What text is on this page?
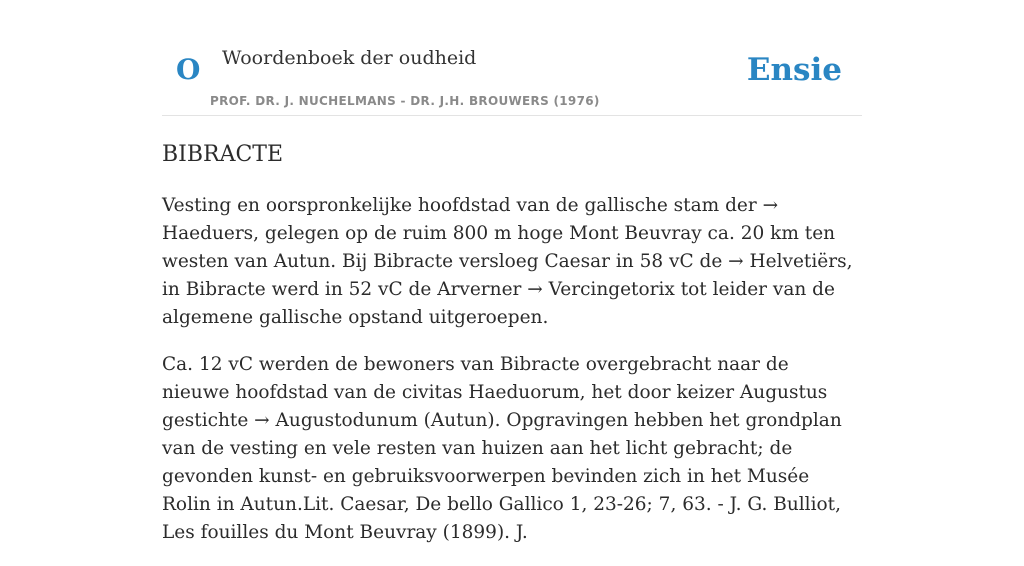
O Woordenboek der oudheid
PROF. DR. J. NUCHELMANS - DR. J.H. BROUWERS (1976)
Ensie
BIBRACTE

Vesting en oorspronkelijke hoofdstad van de gallische stam der → Haeduers, gelegen op de ruim 800 m hoge Mont Beuvray ca. 20 km ten westen van Autun. Bij Bibracte versloeg Caesar in 58 vC de → Helvetiërs, in Bibracte werd in 52 vC de Arverner → Vercingetorix tot leider van de algemene gallische opstand uitgeroepen.

Ca. 12 vC werden de bewoners van Bibracte overgebracht naar de nieuwe hoofdstad van de civitas Haeduorum, het door keizer Augustus gestichte → Augustodunum (Autun). Opgravingen hebben het grondplan van de vesting en vele resten van huizen aan het licht gebracht; de gevonden kunst- en gebruiksvoorwerpen bevinden zich in het Musée Rolin in Autun.Lit. Caesar, De bello Gallico 1, 23-26; 7, 63. - J. G. Bulliot, Les fouilles du Mont Beuvray (1899). J.
